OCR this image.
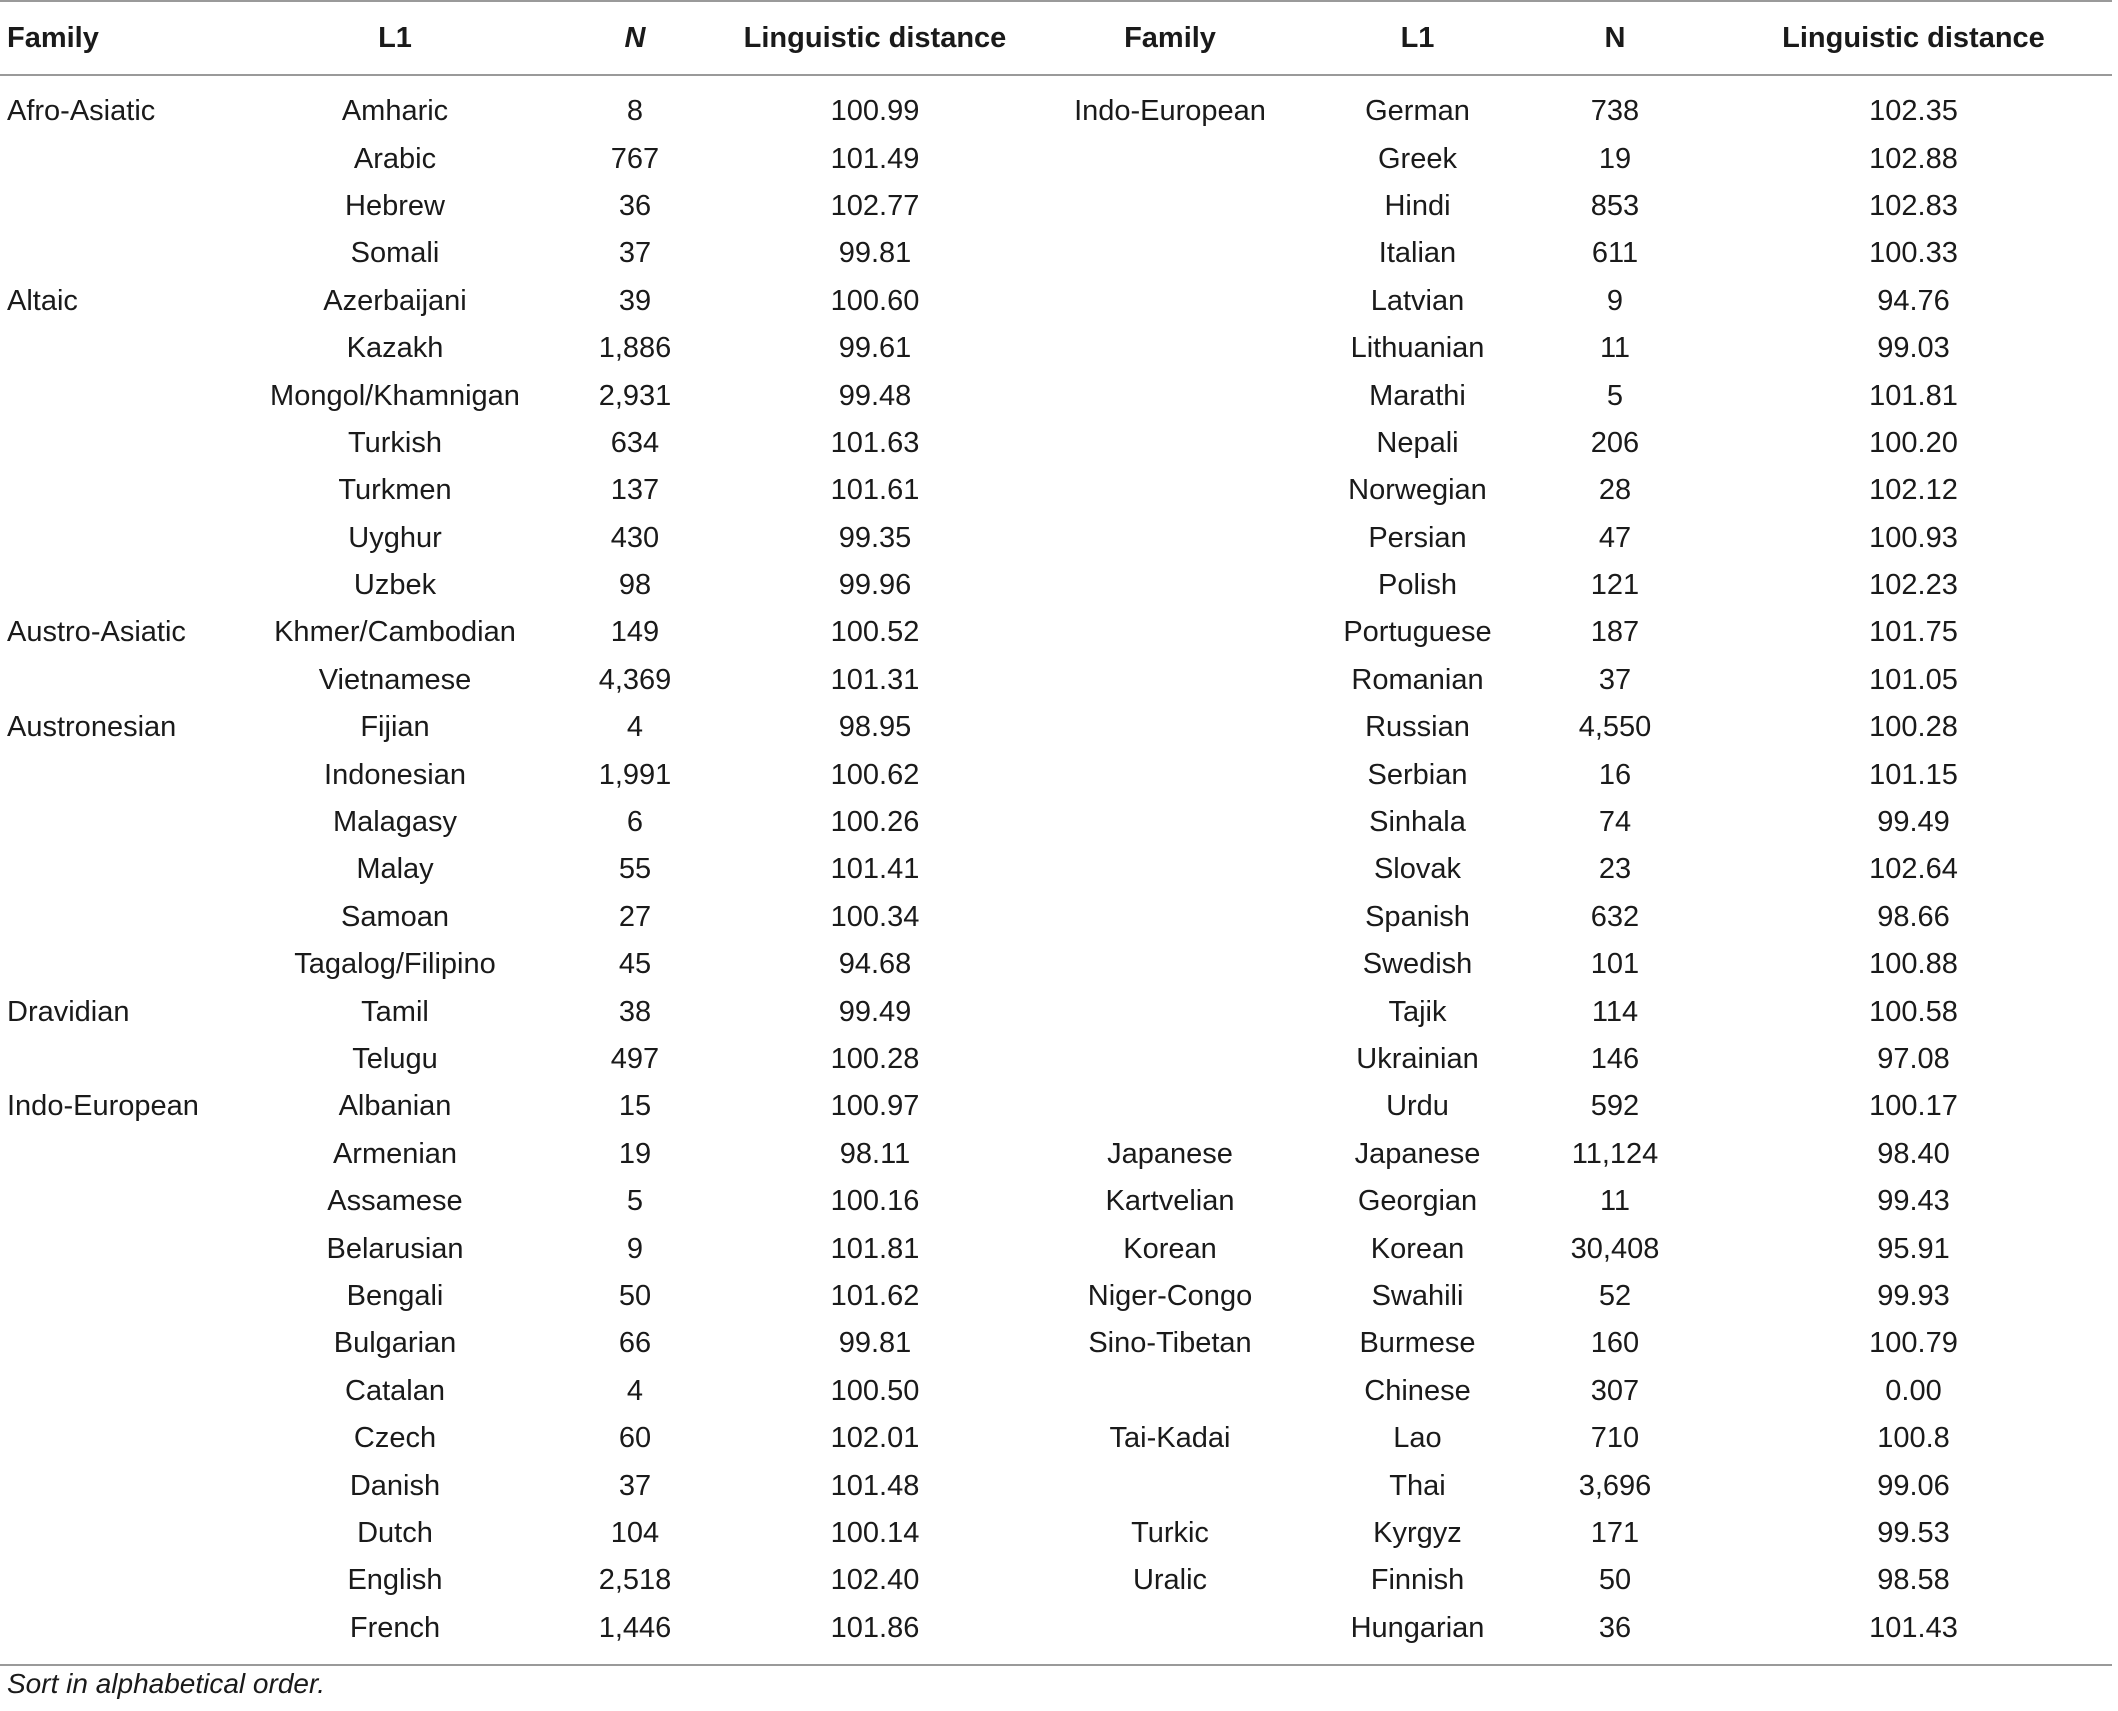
Family	L1	N	Linguistic distance	Family	L1	N	Linguistic distance
Afro-Asiatic	Amharic	8	100.99	Indo-European	German	738	102.35
	Arabic	767	101.49		Greek	19	102.88
	Hebrew	36	102.77		Hindi	853	102.83
	Somali	37	99.81		Italian	611	100.33
Altaic	Azerbaijani	39	100.60		Latvian	9	94.76
	Kazakh	1,886	99.61		Lithuanian	11	99.03
	Mongol/Khamnigan	2,931	99.48		Marathi	5	101.81
	Turkish	634	101.63		Nepali	206	100.20
	Turkmen	137	101.61		Norwegian	28	102.12
	Uyghur	430	99.35		Persian	47	100.93
	Uzbek	98	99.96		Polish	121	102.23
Austro-Asiatic	Khmer/Cambodian	149	100.52		Portuguese	187	101.75
	Vietnamese	4,369	101.31		Romanian	37	101.05
Austronesian	Fijian	4	98.95		Russian	4,550	100.28
	Indonesian	1,991	100.62		Serbian	16	101.15
	Malagasy	6	100.26		Sinhala	74	99.49
	Malay	55	101.41		Slovak	23	102.64
	Samoan	27	100.34		Spanish	632	98.66
	Tagalog/Filipino	45	94.68		Swedish	101	100.88
Dravidian	Tamil	38	99.49		Tajik	114	100.58
	Telugu	497	100.28		Ukrainian	146	97.08
Indo-European	Albanian	15	100.97		Urdu	592	100.17
	Armenian	19	98.11	Japanese	Japanese	11,124	98.40
	Assamese	5	100.16	Kartvelian	Georgian	11	99.43
	Belarusian	9	101.81	Korean	Korean	30,408	95.91
	Bengali	50	101.62	Niger-Congo	Swahili	52	99.93
	Bulgarian	66	99.81	Sino-Tibetan	Burmese	160	100.79
	Catalan	4	100.50		Chinese	307	0.00
	Czech	60	102.01	Tai-Kadai	Lao	710	100.8
	Danish	37	101.48		Thai	3,696	99.06
	Dutch	104	100.14	Turkic	Kyrgyz	171	99.53
	English	2,518	102.40	Uralic	Finnish	50	98.58
	French	1,446	101.86		Hungarian	36	101.43
Sort in alphabetical order.
